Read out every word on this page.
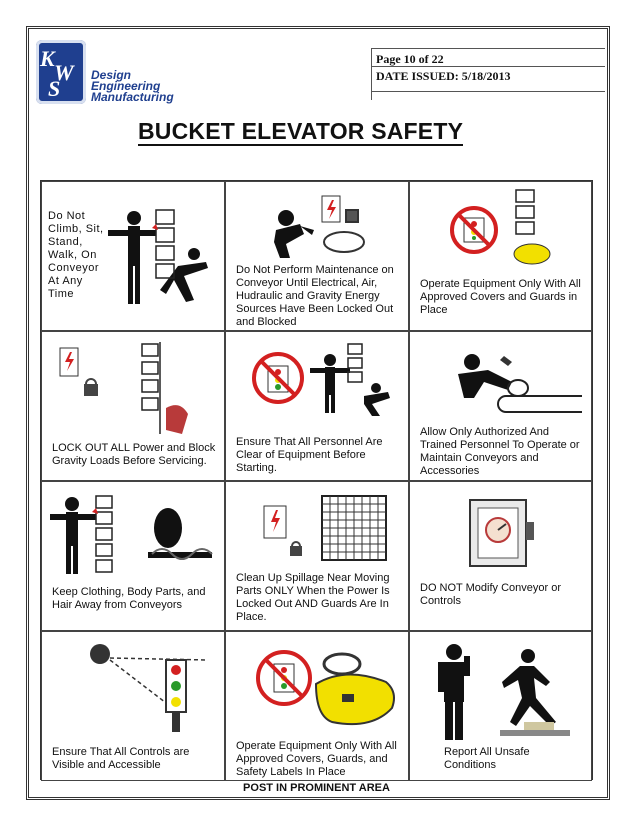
K
W
S
Design
Engineering
Manufacturing
Page 10 of 22
DATE ISSUED: 5/18/2013
BUCKET ELEVATOR SAFETY
Do Not Climb, Sit, Stand, Walk, On Conveyor At Any Time
Do Not Perform Maintenance on Conveyor Until Electrical, Air, Hudraulic and Gravity Energy Sources Have Been Locked Out and Blocked
Operate Equipment Only With All Approved Covers and Guards in Place
LOCK OUT ALL Power and Block Gravity Loads Before Servicing.
Ensure That All Personnel Are Clear of Equipment Before Starting.
Allow Only Authorized And Trained Personnel To Operate or Maintain Conveyors and Accessories
Keep Clothing, Body Parts, and Hair Away from Conveyors
Clean Up Spillage Near Moving Parts ONLY When the Power Is Locked Out AND Guards Are In Place.
DO NOT Modify Conveyor or Controls
Ensure That All Controls are Visible and Accessible
Operate Equipment Only With All Approved Covers, Guards, and Safety Labels In Place
Report All Unsafe Conditions
POST IN PROMINENT AREA
